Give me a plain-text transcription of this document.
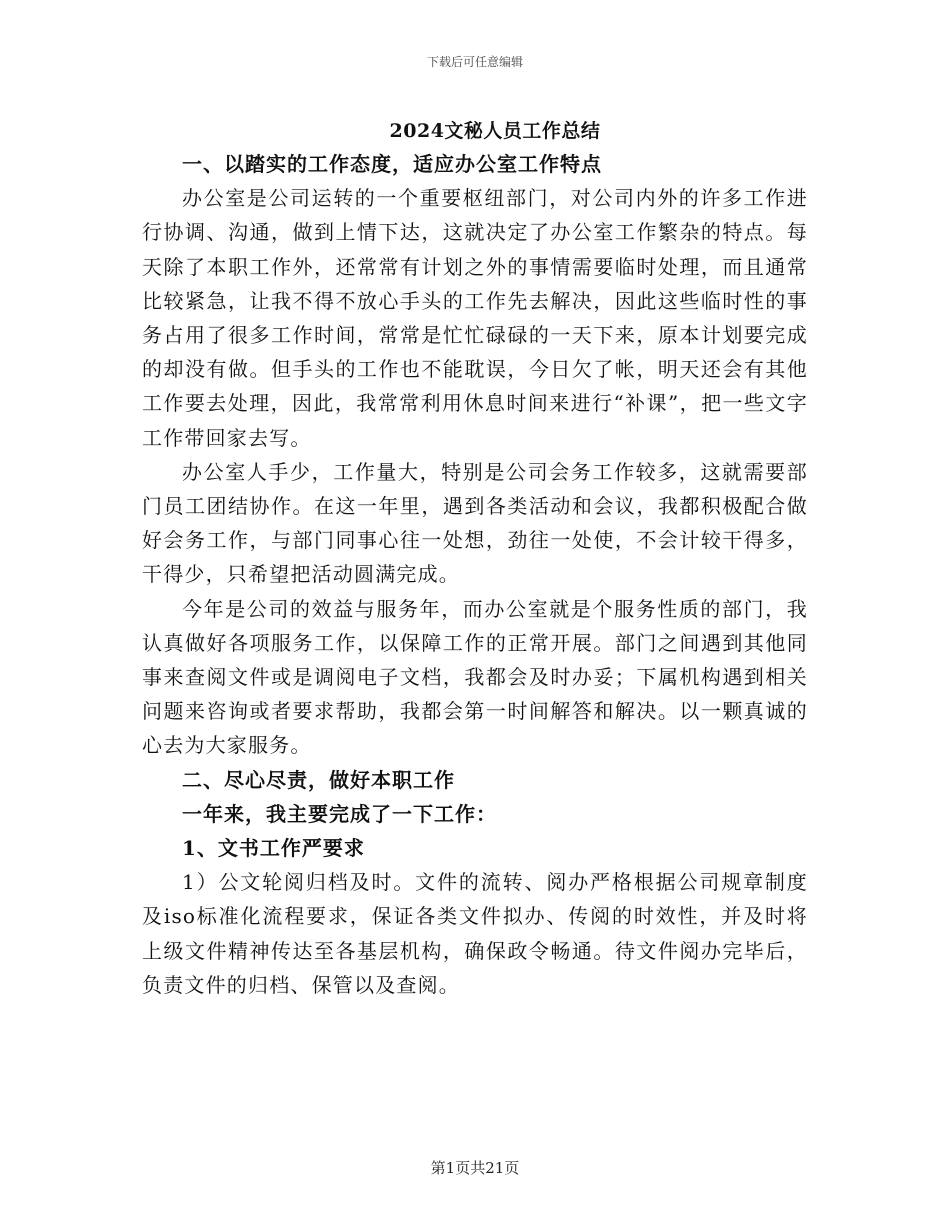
下载后可任意编辑
2024文秘人员工作总结

一、以踏实的工作态度，适应办公室工作特点

办公室是公司运转的一个重要枢纽部门，对公司内外的许多工作进行协调、沟通，做到上情下达，这就决定了办公室工作繁杂的特点。每天除了本职工作外，还常常有计划之外的事情需要临时处理，而且通常比较紧急，让我不得不放心手头的工作先去解决，因此这些临时性的事务占用了很多工作时间，常常是忙忙碌碌的一天下来，原本计划要完成的却没有做。但手头的工作也不能耽误，今日欠了帐，明天还会有其他工作要去处理，因此，我常常利用休息时间来进行“补课”，把一些文字工作带回家去写。

办公室人手少，工作量大，特别是公司会务工作较多，这就需要部门员工团结协作。在这一年里，遇到各类活动和会议，我都积极配合做好会务工作，与部门同事心往一处想，劲往一处使，不会计较干得多，干得少，只希望把活动圆满完成。

今年是公司的效益与服务年，而办公室就是个服务性质的部门，我认真做好各项服务工作，以保障工作的正常开展。部门之间遇到其他同事来查阅文件或是调阅电子文档，我都会及时办妥；下属机构遇到相关问题来咨询或者要求帮助，我都会第一时间解答和解决。以一颗真诚的心去为大家服务。

二、尽心尽责，做好本职工作

一年来，我主要完成了一下工作：

1、文书工作严要求

1）公文轮阅归档及时。文件的流转、阅办严格根据公司规章制度及iso标准化流程要求，保证各类文件拟办、传阅的时效性，并及时将上级文件精神传达至各基层机构，确保政令畅通。待文件阅办完毕后，负责文件的归档、保管以及查阅。

第1页共21页
